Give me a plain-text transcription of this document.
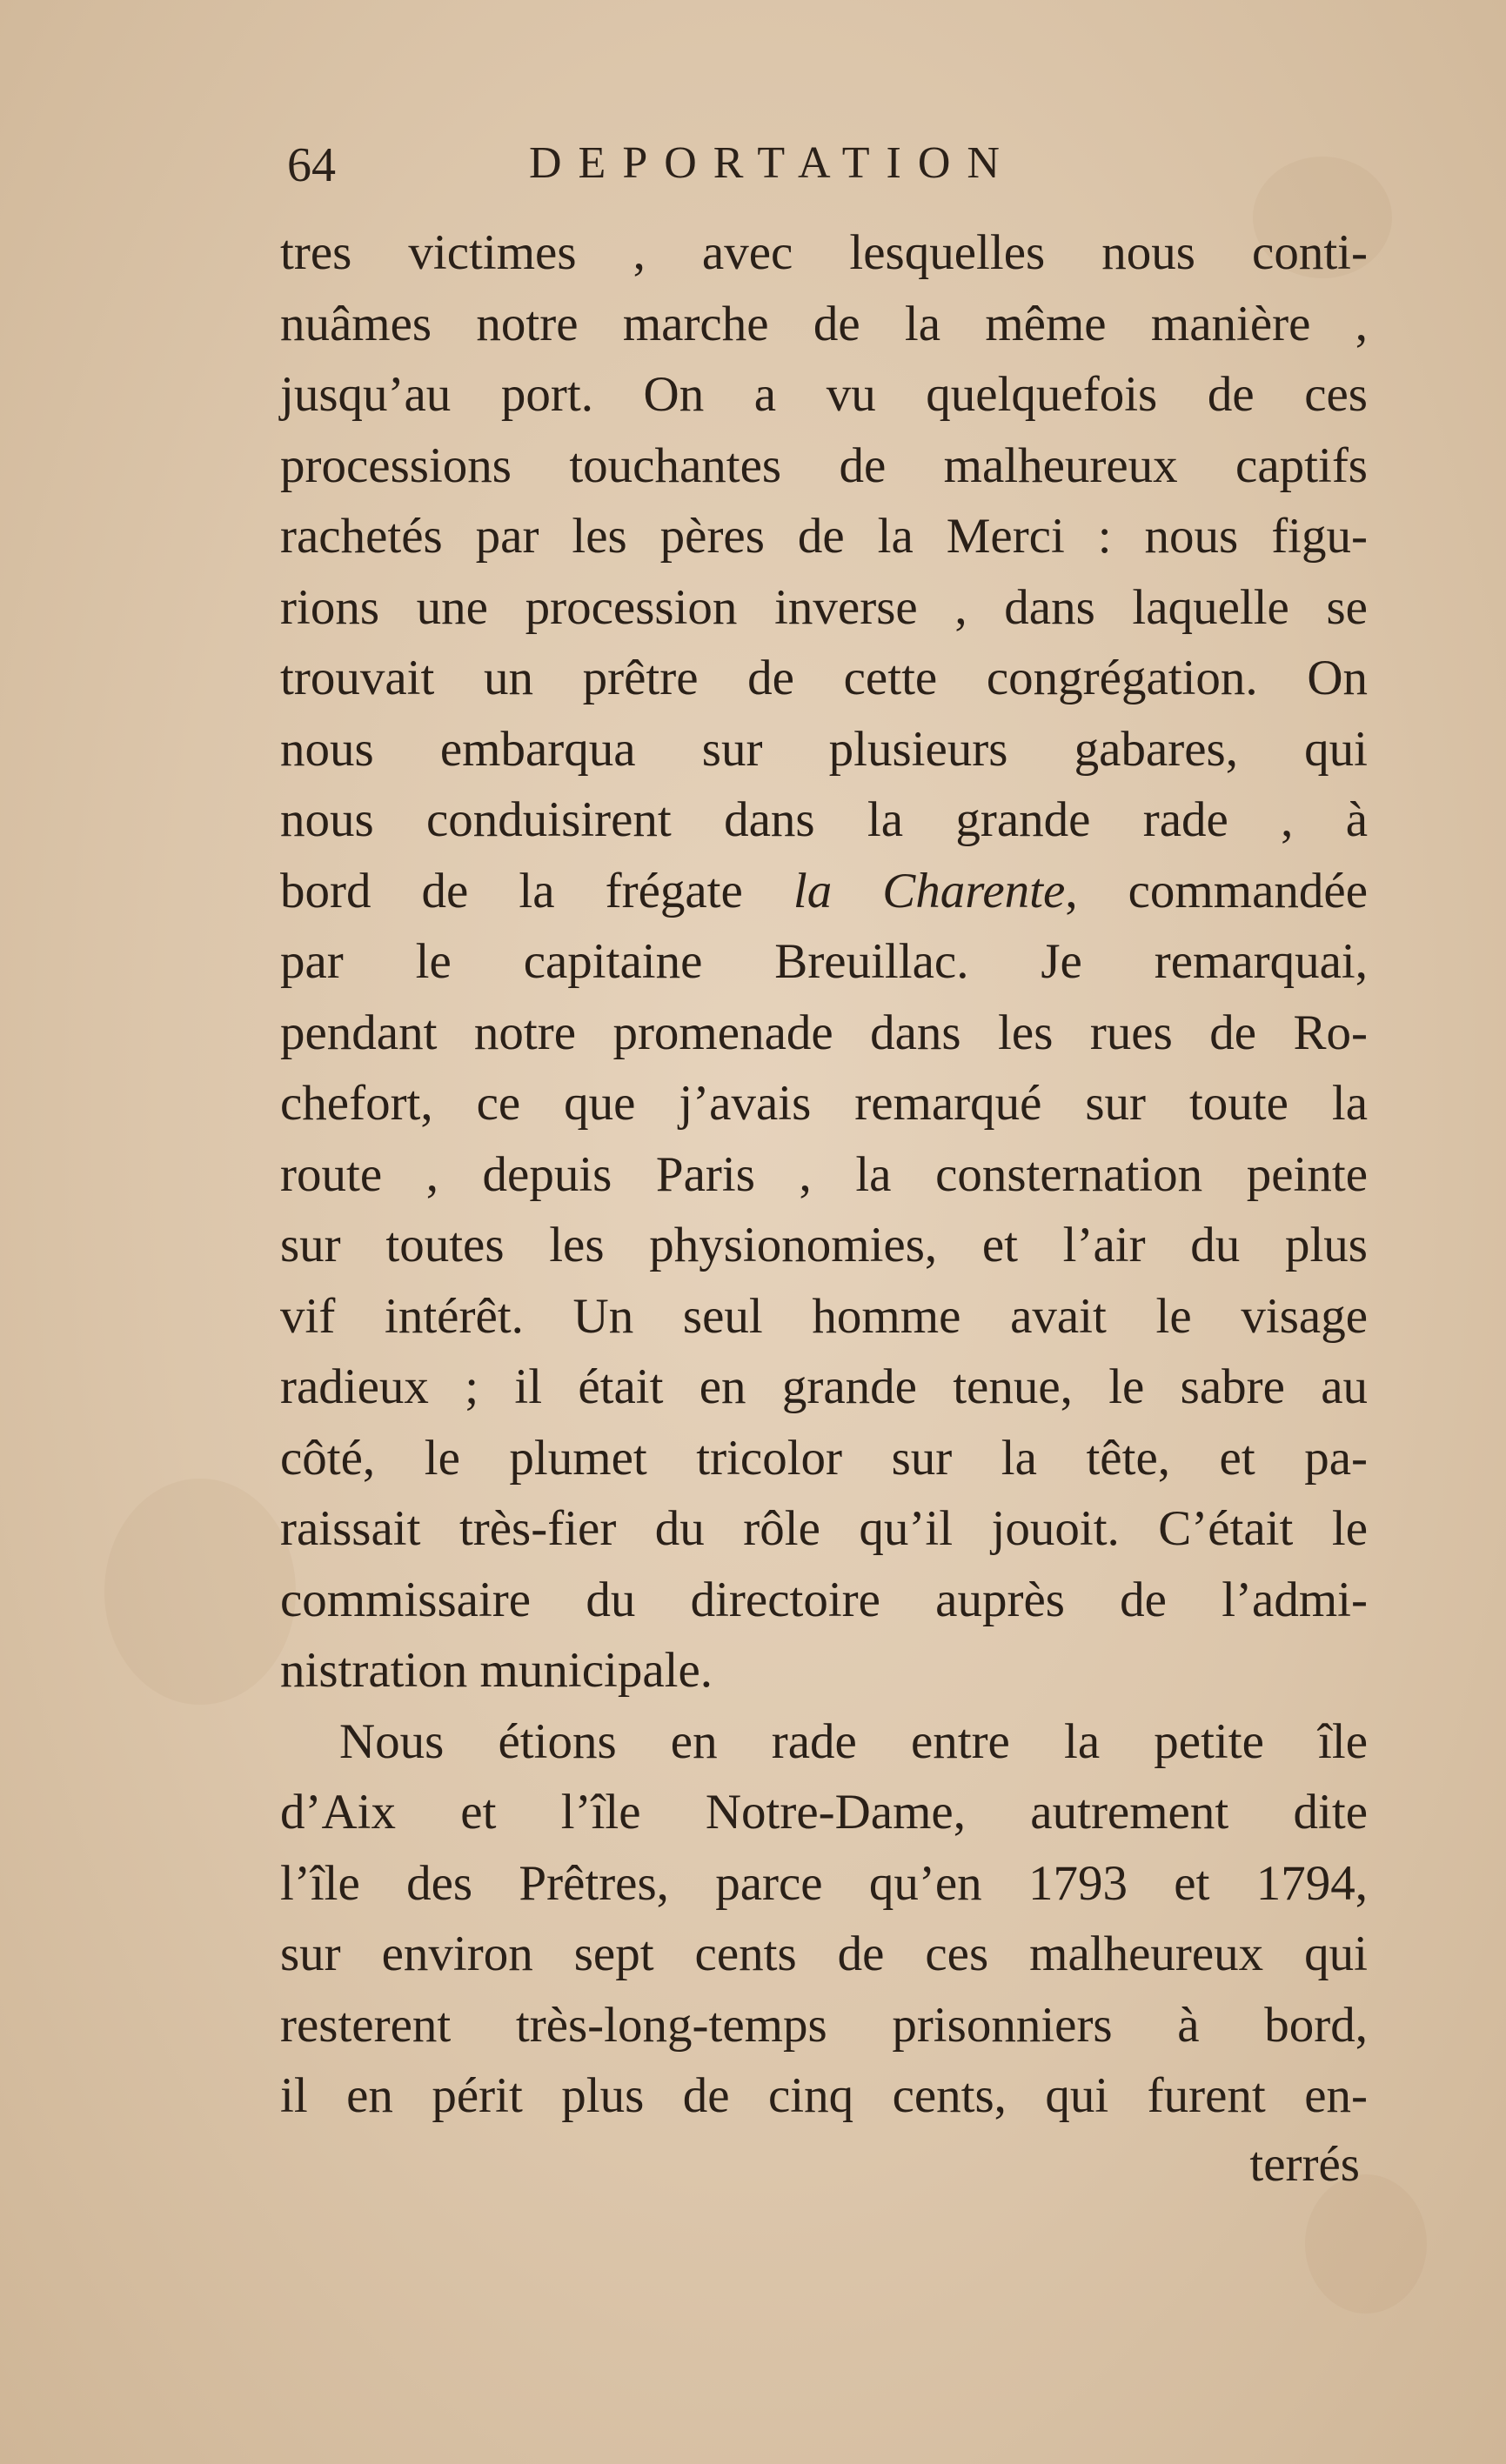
64	DEPORTATION
tres victimes , avec lesquelles nous conti-
nuâmes notre marche de la même manière ,
jusqu’au port. On a vu quelquefois de ces
processions touchantes de malheureux captifs
rachetés par les pères de la Merci : nous figu-
rions une procession inverse , dans laquelle se
trouvait un prêtre de cette congrégation. On
nous embarqua sur plusieurs gabares, qui
nous conduisirent dans la grande rade , à
bord de la frégate la Charente, commandée
par le capitaine Breuillac. Je remarquai,
pendant notre promenade dans les rues de Ro-
chefort, ce que j’avais remarqué sur toute la
route , depuis Paris , la consternation peinte
sur toutes les physionomies, et l’air du plus
vif intérêt. Un seul homme avait le visage
radieux ; il était en grande tenue, le sabre au
côté, le plumet tricolor sur la tête, et pa-
raissait très-fier du rôle qu’il jouoit. C’était le
commissaire du directoire auprès de l’admi-
nistration municipale.
Nous étions en rade entre la petite île
d’Aix et l’île Notre-Dame, autrement dite
l’île des Prêtres, parce qu’en 1793 et 1794,
sur environ sept cents de ces malheureux qui
resterent très-long-temps prisonniers à bord,
il en périt plus de cinq cents, qui furent en-
terrés
